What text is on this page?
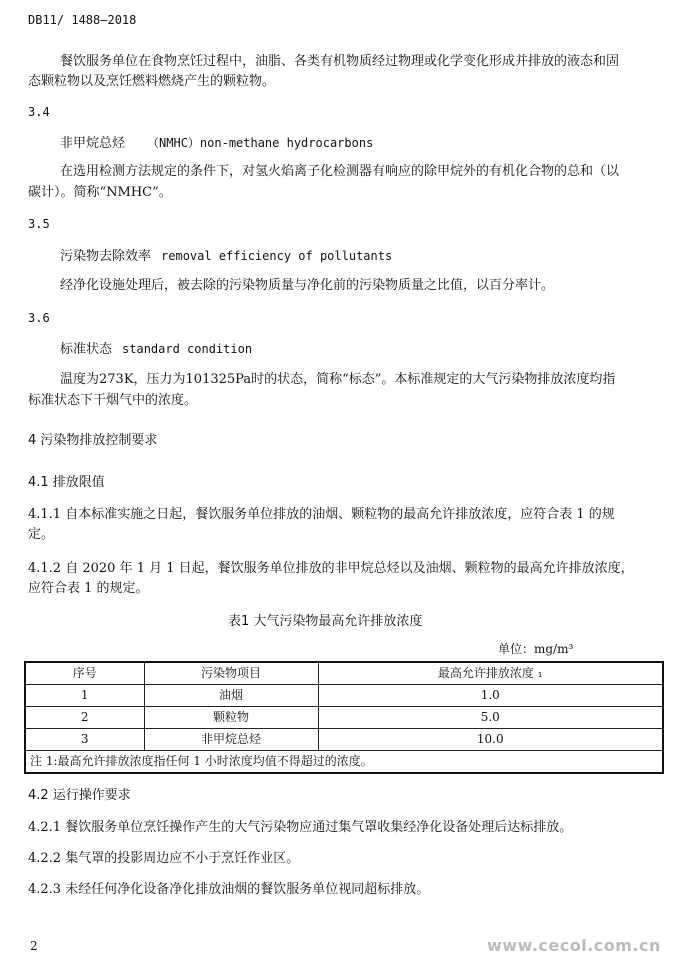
DB11/ 1488—2018
餐饮服务单位在食物烹饪过程中，油脂、各类有机物质经过物理或化学变化形成并排放的液态和固
态颗粒物以及烹饪燃料燃烧产生的颗粒物。
3.4
非甲烷总烃 （NMHC）non-methane hydrocarbons
在选用检测方法规定的条件下，对氢火焰离子化检测器有响应的除甲烷外的有机化合物的总和（以
碳计）。简称“NMHC”。
3.5
污染物去除效率 removal efficiency of pollutants
经净化设施处理后，被去除的污染物质量与净化前的污染物质量之比值，以百分率计。
3.6
标准状态 standard condition
温度为273K，压力为101325Pa时的状态，简称“标态”。本标准规定的大气污染物排放浓度均指
标准状态下干烟气中的浓度。
4 污染物排放控制要求
4.1 排放限值
4.1.1 自本标准实施之日起，餐饮服务单位排放的油烟、颗粒物的最高允许排放浓度，应符合表 1 的规
定。
4.1.2 自 2020 年 1 月 1 日起，餐饮服务单位排放的非甲烷总烃以及油烟、颗粒物的最高允许排放浓度，
应符合表 1 的规定。
表1 大气污染物最高允许排放浓度
单位：mg/m³
序号	污染物项目	最高允许排放浓度 ₁
1	油烟	1.0
2	颗粒物	5.0
3	非甲烷总烃	10.0
注 1:最高允许排放浓度指任何 1 小时浓度均值不得超过的浓度。		
4.2 运行操作要求
4.2.1 餐饮服务单位烹饪操作产生的大气污染物应通过集气罩收集经净化设备处理后达标排放。
4.2.2 集气罩的投影周边应不小于烹饪作业区。
4.2.3 未经任何净化设备净化排放油烟的餐饮服务单位视同超标排放。
2	www.cecol.com.cn
